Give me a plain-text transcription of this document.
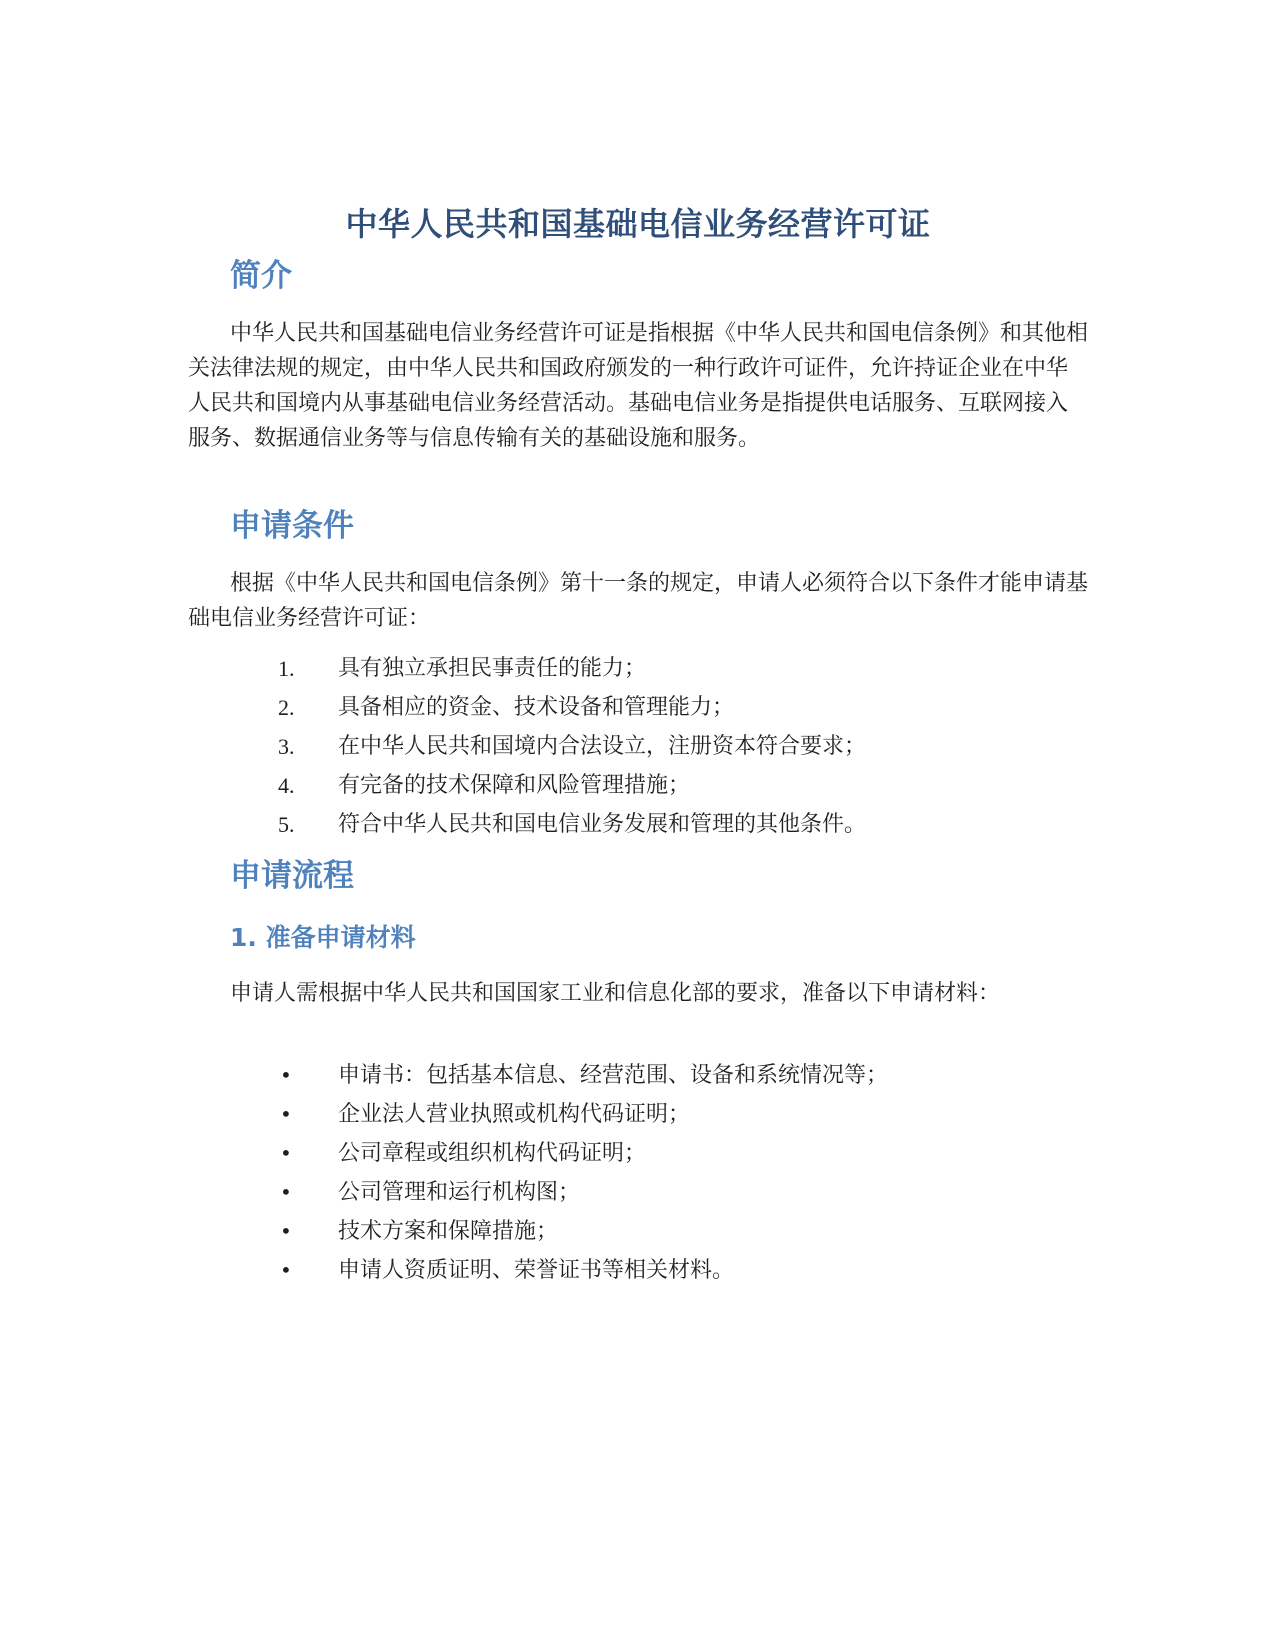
中华人民共和国基础电信业务经营许可证
简介

中华人民共和国基础电信业务经营许可证是指根据《中华人民共和国电信条例》和其他相关法律法规的规定，由中华人民共和国政府颁发的一种行政许可证件，允许持证企业在中华人民共和国境内从事基础电信业务经营活动。基础电信业务是指提供电话服务、互联网接入服务、数据通信业务等与信息传输有关的基础设施和服务。

申请条件

根据《中华人民共和国电信条例》第十一条的规定，申请人必须符合以下条件才能申请基础电信业务经营许可证：

1.	具有独立承担民事责任的能力；
2.	具备相应的资金、技术设备和管理能力；
3.	在中华人民共和国境内合法设立，注册资本符合要求；
4.	有完备的技术保障和风险管理措施；
5.	符合中华人民共和国电信业务发展和管理的其他条件。
申请流程
1. 准备申请材料

申请人需根据中华人民共和国国家工业和信息化部的要求，准备以下申请材料：

• 申请书：包括基本信息、经营范围、设备和系统情况等；
• 企业法人营业执照或机构代码证明；
• 公司章程或组织机构代码证明；
• 公司管理和运行机构图；
• 技术方案和保障措施；
• 申请人资质证明、荣誉证书等相关材料。
